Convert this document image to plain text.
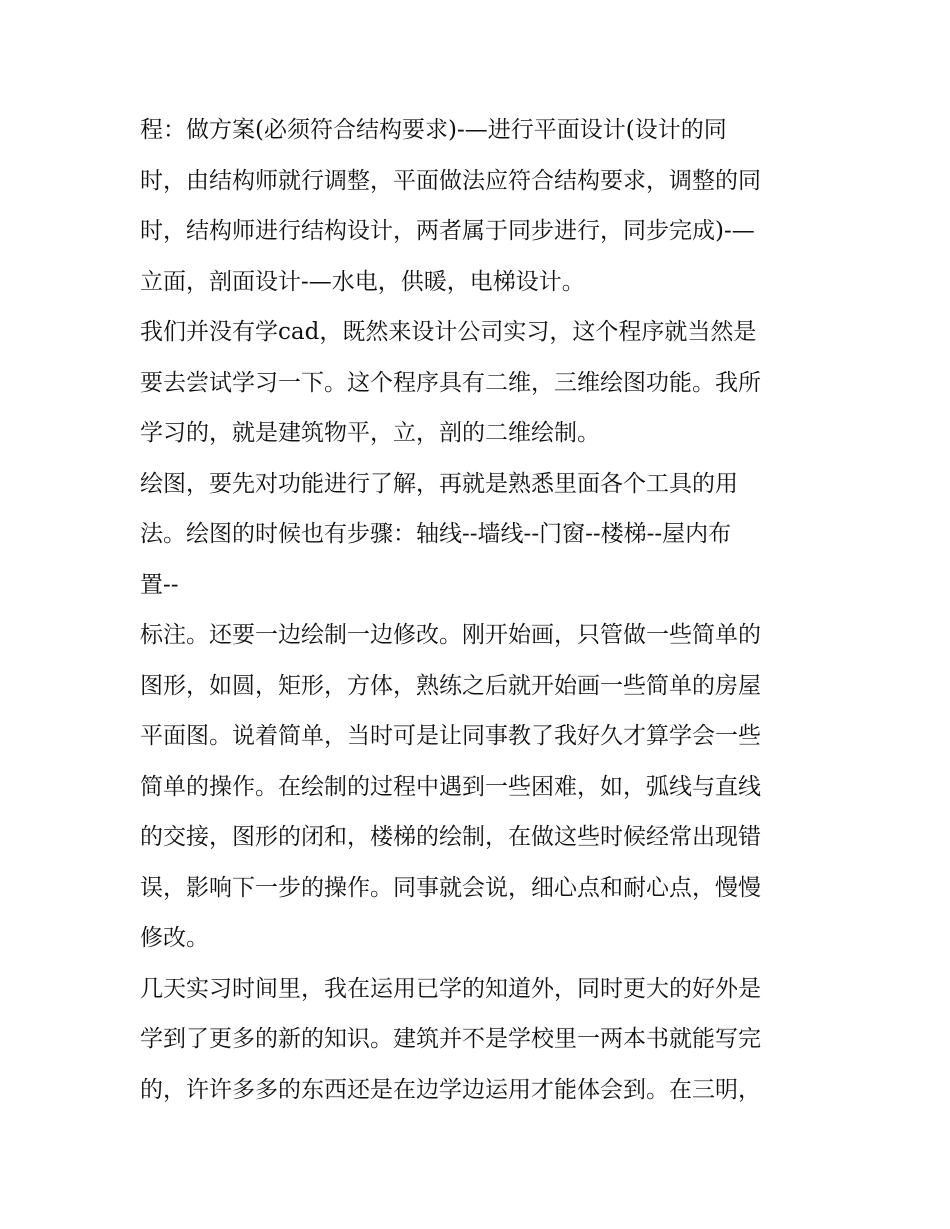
程：做方案(必须符合结构要求)-—进行平面设计(设计的同
时，由结构师就行调整，平面做法应符合结构要求，调整的同
时，结构师进行结构设计，两者属于同步进行，同步完成)-—
立面，剖面设计-—水电，供暖，电梯设计。
我们并没有学cad，既然来设计公司实习，这个程序就当然是
要去尝试学习一下。这个程序具有二维，三维绘图功能。我所
学习的，就是建筑物平，立，剖的二维绘制。
绘图，要先对功能进行了解，再就是熟悉里面各个工具的用
法。绘图的时候也有步骤：轴线--墙线--门窗--楼梯--屋内布
置--
标注。还要一边绘制一边修改。刚开始画，只管做一些简单的
图形，如圆，矩形，方体，熟练之后就开始画一些简单的房屋
平面图。说着简单，当时可是让同事教了我好久才算学会一些
简单的操作。在绘制的过程中遇到一些困难，如，弧线与直线
的交接，图形的闭和，楼梯的绘制，在做这些时候经常出现错
误，影响下一步的操作。同事就会说，细心点和耐心点，慢慢
修改。
几天实习时间里，我在运用已学的知道外，同时更大的好外是
学到了更多的新的知识。建筑并不是学校里一两本书就能写完
的，许许多多的东西还是在边学边运用才能体会到。在三明，
